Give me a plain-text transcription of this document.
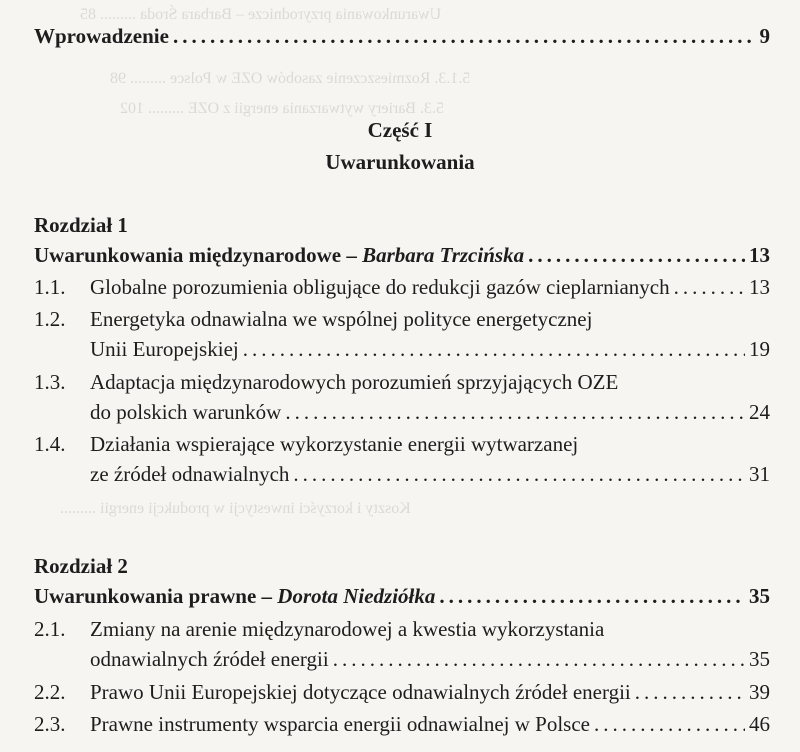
Uwarunkowania przyrodnicze – Barbara Środa ......... 85
5.1.3. Rozmieszczenie zasobów OZE w Polsce ......... 98
5.3. Bariery wytwarzania energii z OZE ......... 102
Koszty i korzyści inwestycji w produkcji energii .........
Wprowadzenie .....	9
Część I
Uwarunkowania
Rozdział 1
Uwarunkowania międzynarodowe – Barbara Trzcińska .....	13
1.1.	Globalne porozumienia obligujące do redukcji gazów cieplarnianych .....	13
1.2.	Energetyka odnawialna we wspólnej polityce energetycznej
Unii Europejskiej .....	19
1.3.	Adaptacja międzynarodowych porozumień sprzyjających OZE
do polskich warunków .....	24
1.4.	Działania wspierające wykorzystanie energii wytwarzanej
ze źródeł odnawialnych .....	31
Rozdział 2
Uwarunkowania prawne – Dorota Niedziółka .....	35
2.1.	Zmiany na arenie międzynarodowej a kwestia wykorzystania
odnawialnych źródeł energii .....	35
2.2.	Prawo Unii Europejskiej dotyczące odnawialnych źródeł energii .....	39
2.3.	Prawne instrumenty wsparcia energii odnawialnej w Polsce .....	46
